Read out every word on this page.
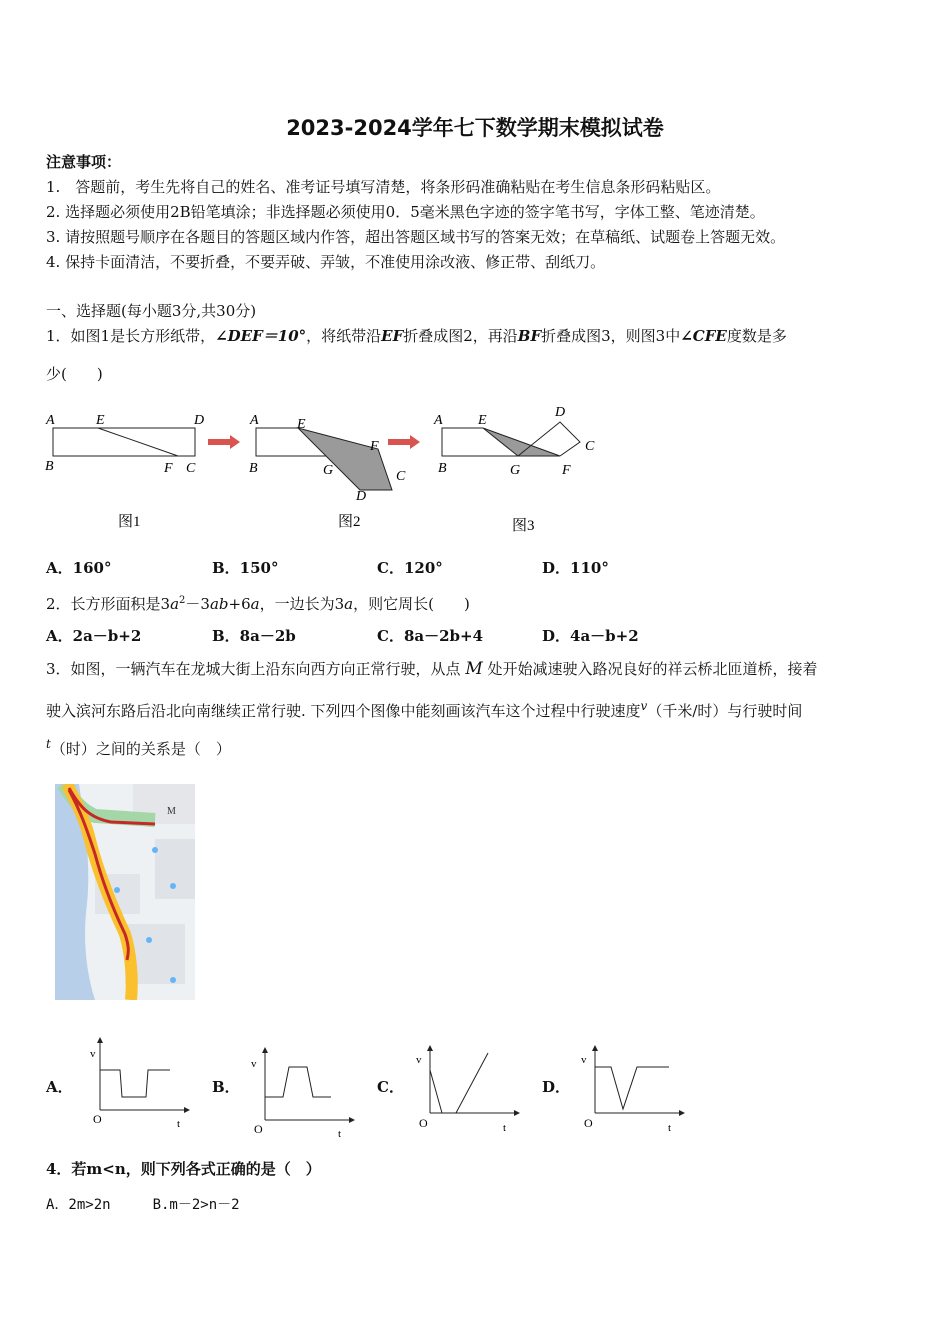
2023-2024学年七下数学期末模拟试卷
注意事项：
1.　答题前，考生先将自己的姓名、准考证号填写清楚，将条形码准确粘贴在考生信息条形码粘贴区。
2. 选择题必须使用2B铅笔填涂；非选择题必须使用0．5毫米黑色字迹的签字笔书写，字体工整、笔迹清楚。
3. 请按照题号顺序在各题目的答题区域内作答，超出答题区域书写的答案无效；在草稿纸、试题卷上答题无效。
4. 保持卡面清洁，不要折叠，不要弄破、弄皱，不准使用涂改液、修正带、刮纸刀。
一、选择题(每小题3分,共30分)
1．如图1是长方形纸带，∠DEF＝10°，将纸带沿EF折叠成图2，再沿BF折叠成图3，则图3中∠CFE度数是多
少(　　)
A	E	D
B	F C
图1
A	E
F
C
D
B	G
图2
A	E
D
C
B	G	F
图3
A．160°	B．150°	C．120°	D．110°
2．长方形面积是$3a^2-3ab+6a$，一边长为3a，则它周长(　　)
A．2a－b+2	B．8a－2b	C．8a－2b+4	D．4a－b+2
3．如图，一辆汽车在龙城大街上沿东向西方向正常行驶，从点 M 处开始减速驶入路况良好的祥云桥北匝道桥，接着
驶入滨河东路后沿北向南继续正常行驶. 下列四个图像中能刻画该汽车这个过程中行驶速度$^v$（千米/时）与行驶时间
$^t$（时）之间的关系是（　）
M
A．	B．	C．	D．
v
O	t
v
O	t
v
O	t
v
O	t
4．若m<n，则下列各式正确的是（　）
A．2m>2n　　　B.m－2>n－2
